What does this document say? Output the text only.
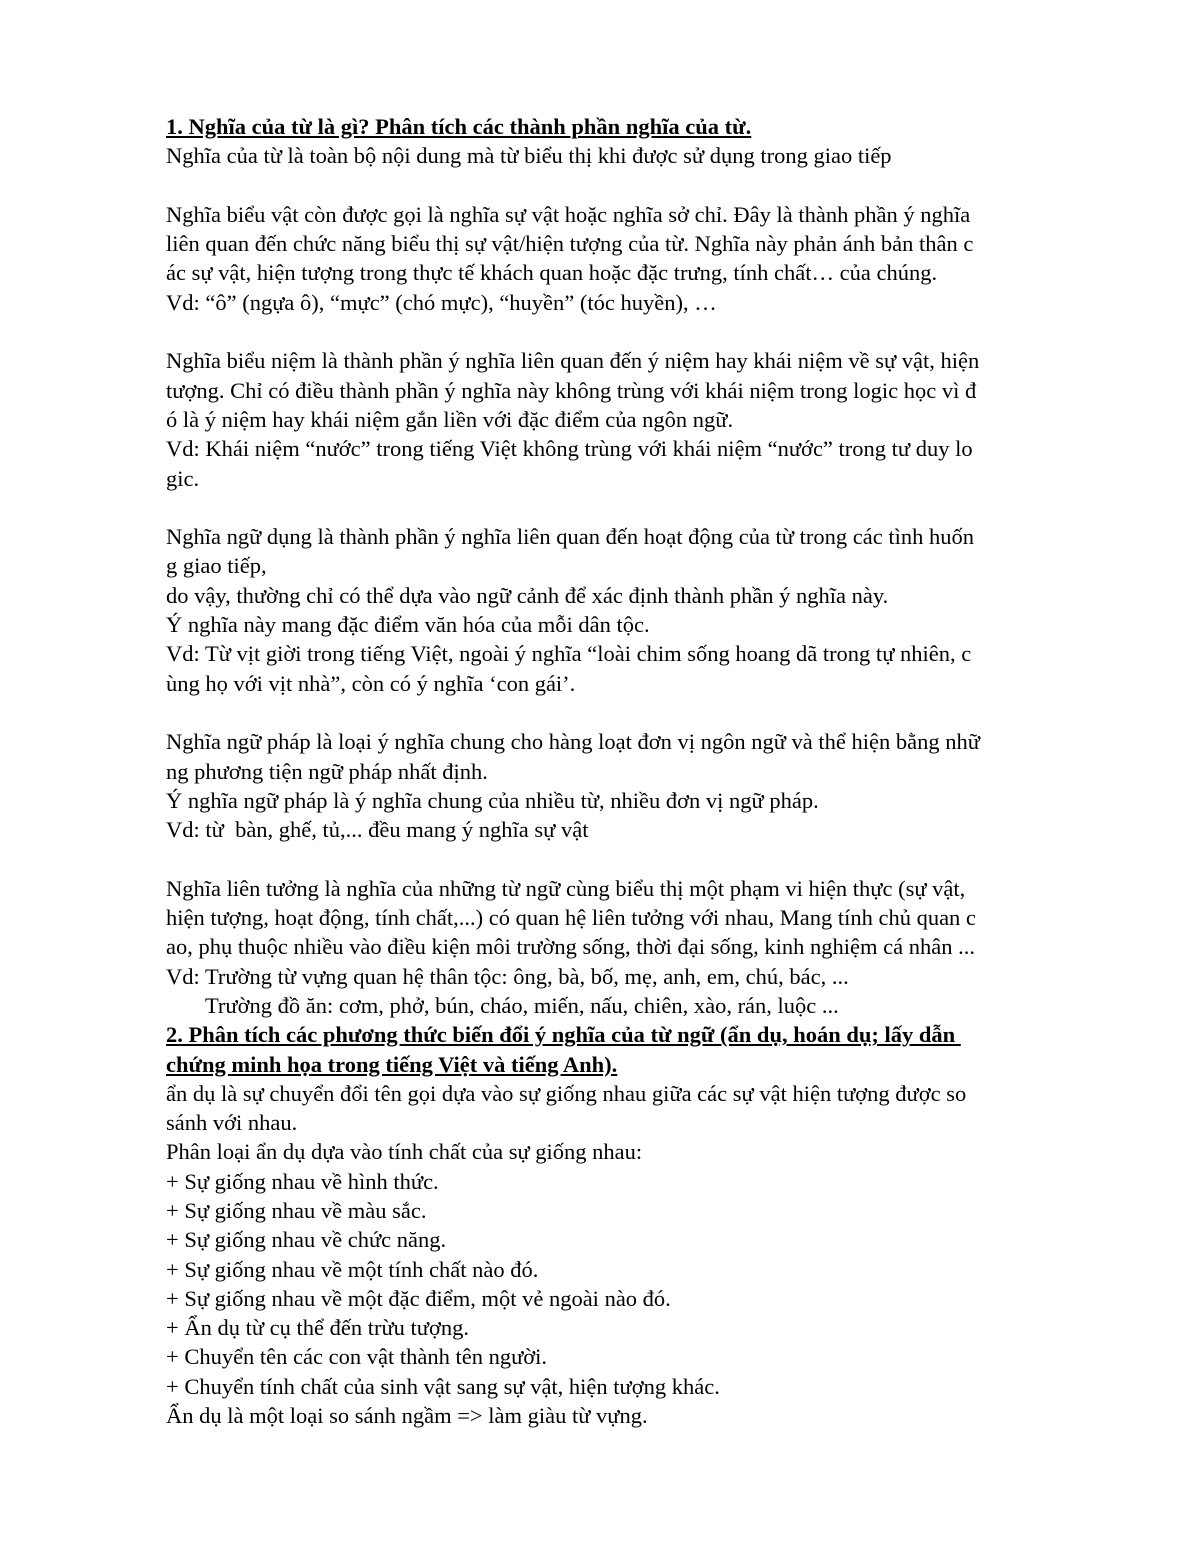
1. Nghĩa của từ là gì? Phân tích các thành phần nghĩa của từ.
Nghĩa của từ là toàn bộ nội dung mà từ biểu thị khi được sử dụng trong giao tiếp
Nghĩa biểu vật còn được gọi là nghĩa sự vật hoặc nghĩa sở chỉ. Đây là thành phần ý nghĩa
liên quan đến chức năng biểu thị sự vật/hiện tượng của từ. Nghĩa này phản ánh bản thân c
ác sự vật, hiện tượng trong thực tế khách quan hoặc đặc trưng, tính chất… của chúng.
Vd: “ô” (ngựa ô), “mực” (chó mực), “huyền” (tóc huyền), …
Nghĩa biểu niệm là thành phần ý nghĩa liên quan đến ý niệm hay khái niệm về sự vật, hiện
tượng. Chỉ có điều thành phần ý nghĩa này không trùng với khái niệm trong logic học vì đ
ó là ý niệm hay khái niệm gắn liền với đặc điểm của ngôn ngữ.
Vd: Khái niệm “nước” trong tiếng Việt không trùng với khái niệm “nước” trong tư duy lo
gic.
Nghĩa ngữ dụng là thành phần ý nghĩa liên quan đến hoạt động của từ trong các tình huốn
g giao tiếp,
do vậy, thường chỉ có thể dựa vào ngữ cảnh để xác định thành phần ý nghĩa này.
Ý nghĩa này mang đặc điểm văn hóa của mỗi dân tộc.
Vd: Từ vịt giời trong tiếng Việt, ngoài ý nghĩa “loài chim sống hoang dã trong tự nhiên, c
ùng họ với vịt nhà”, còn có ý nghĩa ‘con gái’.
Nghĩa ngữ pháp là loại ý nghĩa chung cho hàng loạt đơn vị ngôn ngữ và thể hiện bằng nhữ
ng phương tiện ngữ pháp nhất định.
Ý nghĩa ngữ pháp là ý nghĩa chung của nhiều từ, nhiều đơn vị ngữ pháp.
Vd: từ  bàn, ghế, tủ,... đều mang ý nghĩa sự vật
Nghĩa liên tưởng là nghĩa của những từ ngữ cùng biểu thị một phạm vi hiện thực (sự vật,
hiện tượng, hoạt động, tính chất,...) có quan hệ liên tưởng với nhau, Mang tính chủ quan c
ao, phụ thuộc nhiều vào điều kiện môi trường sống, thời đại sống, kinh nghiệm cá nhân ...
Vd: Trường từ vựng quan hệ thân tộc: ông, bà, bố, mẹ, anh, em, chú, bác, ...
Trường đồ ăn: cơm, phở, bún, cháo, miến, nấu, chiên, xào, rán, luộc ...
2. Phân tích các phương thức biến đổi ý nghĩa của từ ngữ (ẩn dụ, hoán dụ; lấy dẫn
chứng minh họa trong tiếng Việt và tiếng Anh).
ẩn dụ là sự chuyển đổi tên gọi dựa vào sự giống nhau giữa các sự vật hiện tượng được so
sánh với nhau.
Phân loại ẩn dụ dựa vào tính chất của sự giống nhau:
+ Sự giống nhau về hình thức.
+ Sự giống nhau về màu sắc.
+ Sự giống nhau về chức năng.
+ Sự giống nhau về một tính chất nào đó.
+ Sự giống nhau về một đặc điểm, một vẻ ngoài nào đó.
+ Ẩn dụ từ cụ thể đến trừu tượng.
+ Chuyển tên các con vật thành tên người.
+ Chuyển tính chất của sinh vật sang sự vật, hiện tượng khác.
Ẩn dụ là một loại so sánh ngầm => làm giàu từ vựng.
